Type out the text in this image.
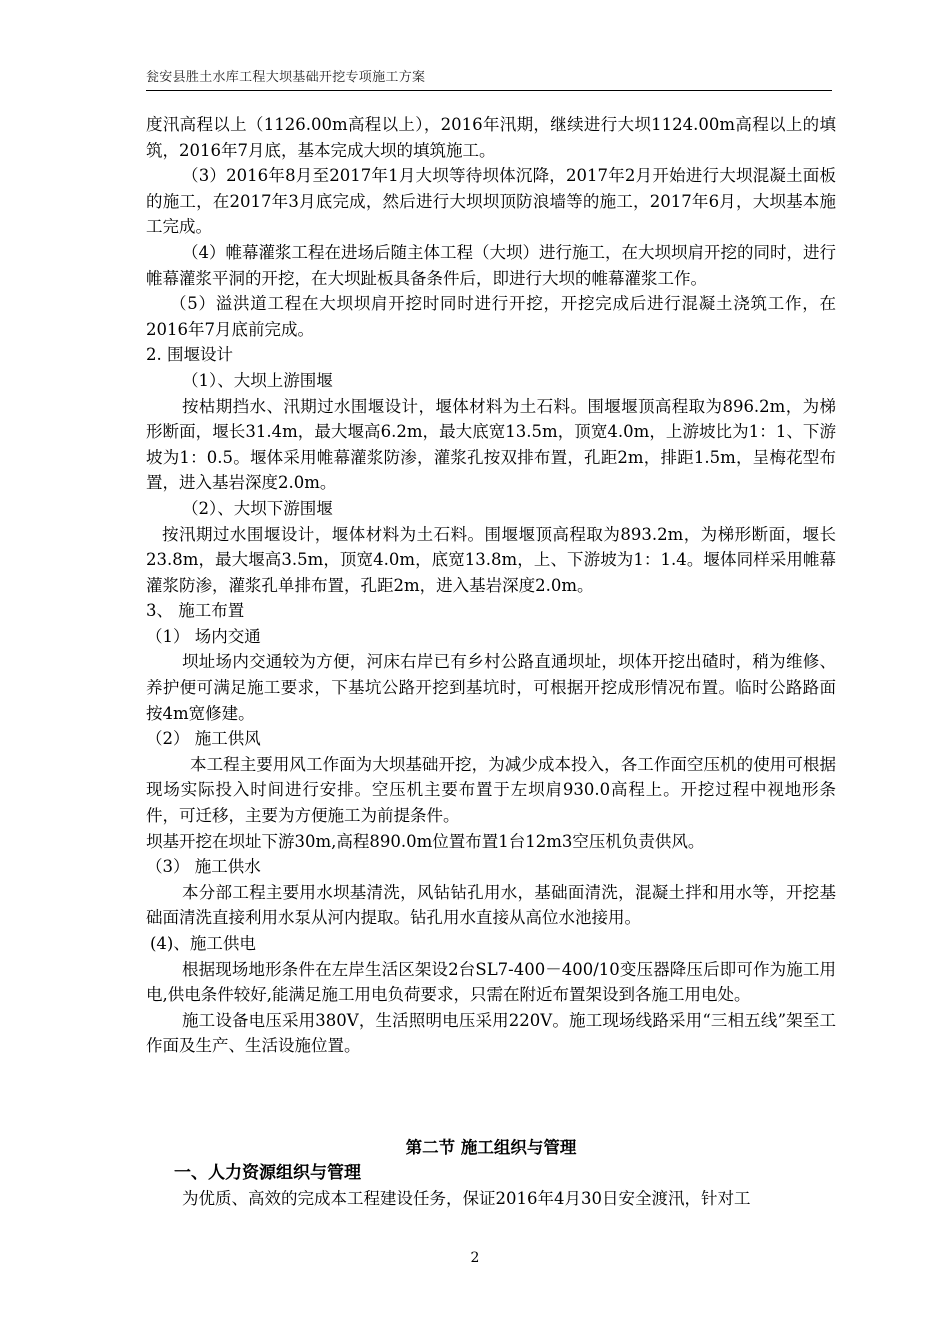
瓮安县胜土水库工程大坝基础开挖专项施工方案

度汛高程以上（1126.00m高程以上），2016年汛期，继续进行大坝1124.00m高程以上的填筑，2016年7月底，基本完成大坝的填筑施工。

（3）2016年8月至2017年1月大坝等待坝体沉降，2017年2月开始进行大坝混凝土面板的施工，在2017年3月底完成，然后进行大坝坝顶防浪墙等的施工，2017年6月，大坝基本施工完成。

（4）帷幕灌浆工程在进场后随主体工程（大坝）进行施工，在大坝坝肩开挖的同时，进行帷幕灌浆平洞的开挖，在大坝趾板具备条件后，即进行大坝的帷幕灌浆工作。

（5）溢洪道工程在大坝坝肩开挖时同时进行开挖，开挖完成后进行混凝土浇筑工作，在2016年7月底前完成。

2. 围堰设计

（1）、大坝上游围堰

按枯期挡水、汛期过水围堰设计，堰体材料为土石料。围堰堰顶高程取为896.2m，为梯形断面，堰长31.4m，最大堰高6.2m，最大底宽13.5m，顶宽4.0m，上游坡比为1：1、下游坡为1：0.5。堰体采用帷幕灌浆防渗，灌浆孔按双排布置，孔距2m，排距1.5m，呈梅花型布置，进入基岩深度2.0m。

（2）、大坝下游围堰

按汛期过水围堰设计，堰体材料为土石料。围堰堰顶高程取为893.2m，为梯形断面，堰长23.8m，最大堰高3.5m，顶宽4.0m，底宽13.8m，上、下游坡为1：1.4。堰体同样采用帷幕灌浆防渗，灌浆孔单排布置，孔距2m，进入基岩深度2.0m。

3、 施工布置

（1） 场内交通

坝址场内交通较为方便，河床右岸已有乡村公路直通坝址，坝体开挖出碴时，稍为维修、养护便可满足施工要求，下基坑公路开挖到基坑时，可根据开挖成形情况布置。临时公路路面按4m宽修建。

（2） 施工供风

本工程主要用风工作面为大坝基础开挖，为减少成本投入，各工作面空压机的使用可根据现场实际投入时间进行安排。空压机主要布置于左坝肩930.0高程上。开挖过程中视地形条件，可迁移，主要为方便施工为前提条件。

坝基开挖在坝址下游30m,高程890.0m位置布置1台12m3空压机负责供风。

（3） 施工供水

本分部工程主要用水坝基清洗，风钻钻孔用水，基础面清洗，混凝土拌和用水等，开挖基础面清洗直接利用水泵从河内提取。钻孔用水直接从高位水池接用。

(4)、施工供电

根据现场地形条件在左岸生活区架设2台SL7-400－400/10变压器降压后即可作为施工用电,供电条件较好,能满足施工用电负荷要求，只需在附近布置架设到各施工用电处。

施工设备电压采用380V，生活照明电压采用220V。施工现场线路采用“三相五线”架至工作面及生产、生活设施位置。

第二节 施工组织与管理

一、人力资源组织与管理

为优质、高效的完成本工程建设任务，保证2016年4月30日安全渡汛，针对工

2
